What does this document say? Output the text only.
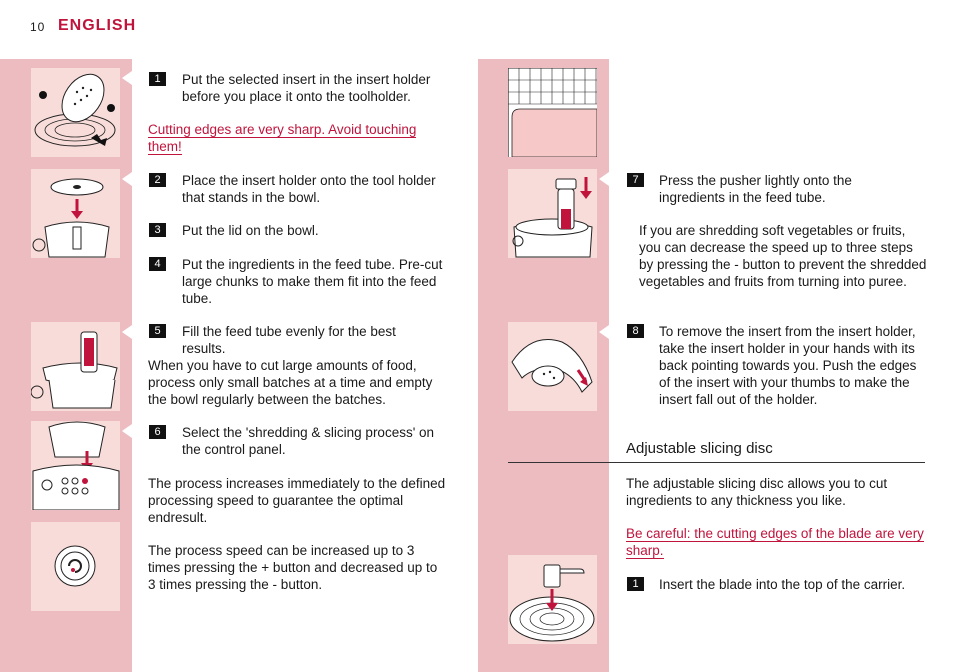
10 ENGLISH
1	Put the selected insert in the insert holder before you place it onto the toolholder.
Cutting edges are very sharp. Avoid touching them!
2	Place the insert holder onto the tool holder that stands in the bowl.
3	Put the lid on the bowl.
4	Put the ingredients in the feed tube. Pre-cut large chunks to make them fit into the feed tube.
5	Fill the feed tube evenly for the best results.
When you have to cut large amounts of food, process only small batches at a time and empty the bowl regularly between the batches.
6	Select the 'shredding & slicing process' on the control panel.
The process increases immediately to the defined processing speed to guarantee the optimal endresult.
The process speed can be increased up to 3 times pressing the + button and decreased up to 3 times pressing the - button.
7	Press the pusher lightly onto the ingredients in the feed tube.
If you are shredding soft vegetables or fruits, you can decrease the speed up to three steps by pressing the - button to prevent the shredded vegetables and fruits from turning into puree.
8	To remove the insert from the insert holder, take the insert holder in your hands with its back pointing towards you. Push the edges of the insert with your thumbs to make the insert fall out of the holder.
Adjustable slicing disc
The adjustable slicing disc allows you to cut ingredients to any thickness you like.
Be careful: the cutting edges of the blade are very sharp.
1	Insert the blade into the top of the carrier.
